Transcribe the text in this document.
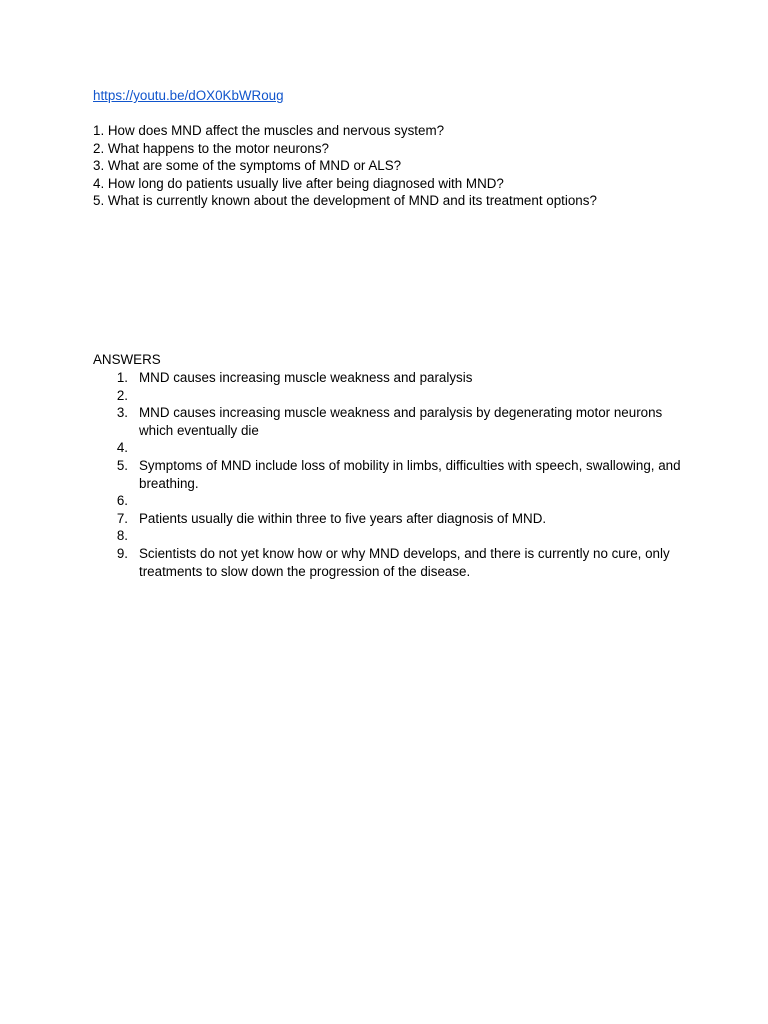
https://youtu.be/dOX0KbWRoug
1. How does MND affect the muscles and nervous system?
2. What happens to the motor neurons?
3. What are some of the symptoms of MND or ALS?
4. How long do patients usually live after being diagnosed with MND?
5. What is currently known about the development of MND and its treatment options?
ANSWERS
1. MND causes increasing muscle weakness and paralysis
2.
3. MND causes increasing muscle weakness and paralysis by degenerating motor neurons which eventually die
4.
5. Symptoms of MND include loss of mobility in limbs, difficulties with speech, swallowing, and breathing.
6.
7. Patients usually die within three to five years after diagnosis of MND.
8.
9. Scientists do not yet know how or why MND develops, and there is currently no cure, only treatments to slow down the progression of the disease.
